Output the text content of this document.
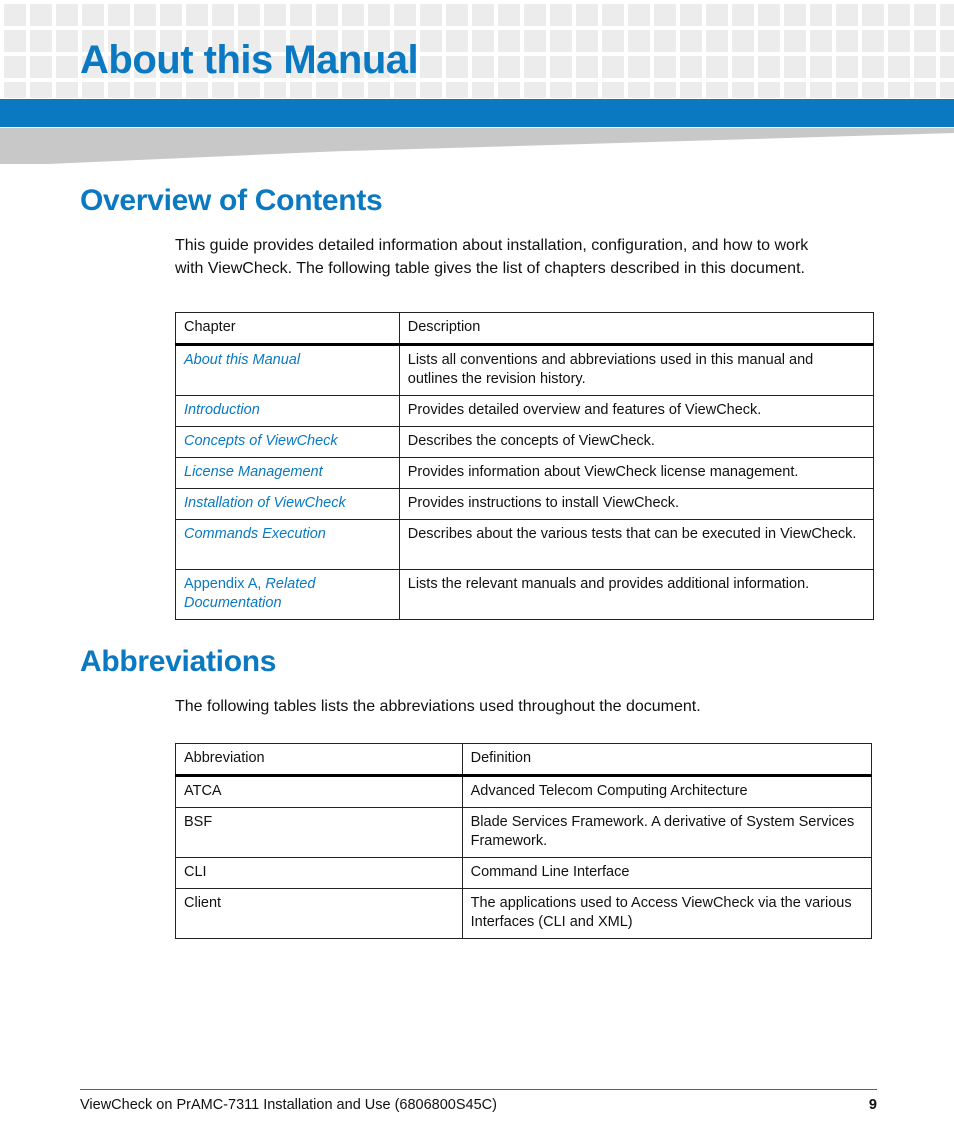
About this Manual
Overview of Contents

This guide provides detailed information about installation, configuration, and how to work
with ViewCheck. The following table gives the list of chapters described in this document.

Chapter	Description
About this Manual	Lists all conventions and abbreviations used in this manual and outlines the revision history.
Introduction	Provides detailed overview and features of ViewCheck.
Concepts of ViewCheck	Describes the concepts of ViewCheck.
License Management	Provides information about ViewCheck license management.
Installation of ViewCheck	Provides instructions to install ViewCheck.
Commands Execution	Describes about the various tests that can be executed in ViewCheck.
Appendix A, Related Documentation	Lists the relevant manuals and provides additional information.
Abbreviations

The following tables lists the abbreviations used throughout the document.

Abbreviation	Definition
ATCA	Advanced Telecom Computing Architecture
BSF	Blade Services Framework. A derivative of System Services Framework.
CLI	Command Line Interface
Client	The applications used to Access ViewCheck via the various Interfaces (CLI and XML)
ViewCheck on PrAMC-7311 Installation and Use (6806800S45C)	9
